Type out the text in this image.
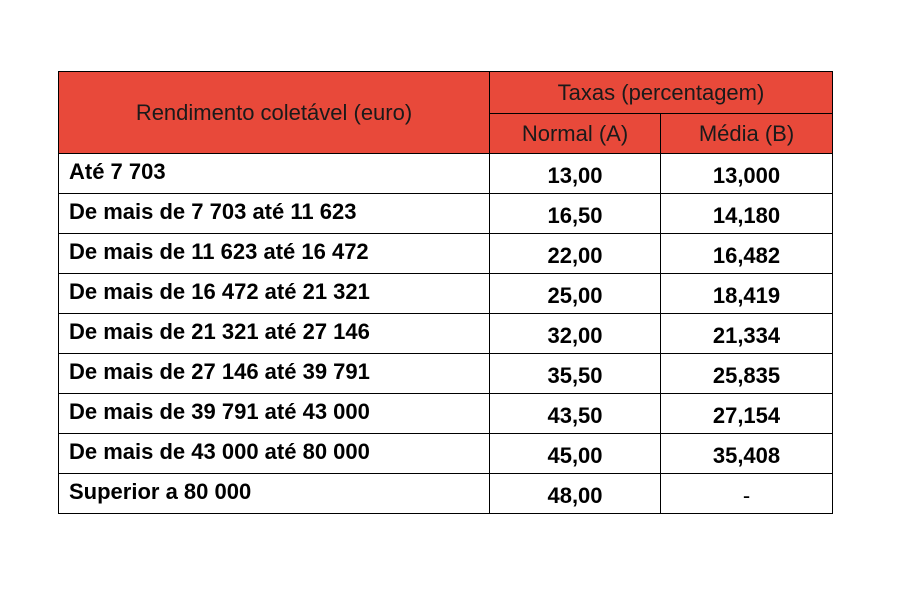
Rendimento coletável (euro)	Taxas (percentagem)	
	Normal (A)	Média (B)
Até 7 703	13,00	13,000
De mais de 7 703 até 11 623	16,50	14,180
De mais de 11 623 até 16 472	22,00	16,482
De mais de 16 472 até 21 321	25,00	18,419
De mais de 21 321 até 27 146	32,00	21,334
De mais de 27 146 até 39 791	35,50	25,835
De mais de 39 791 até 43 000	43,50	27,154
De mais de 43 000 até 80 000	45,00	35,408
Superior a 80 000	48,00	-
